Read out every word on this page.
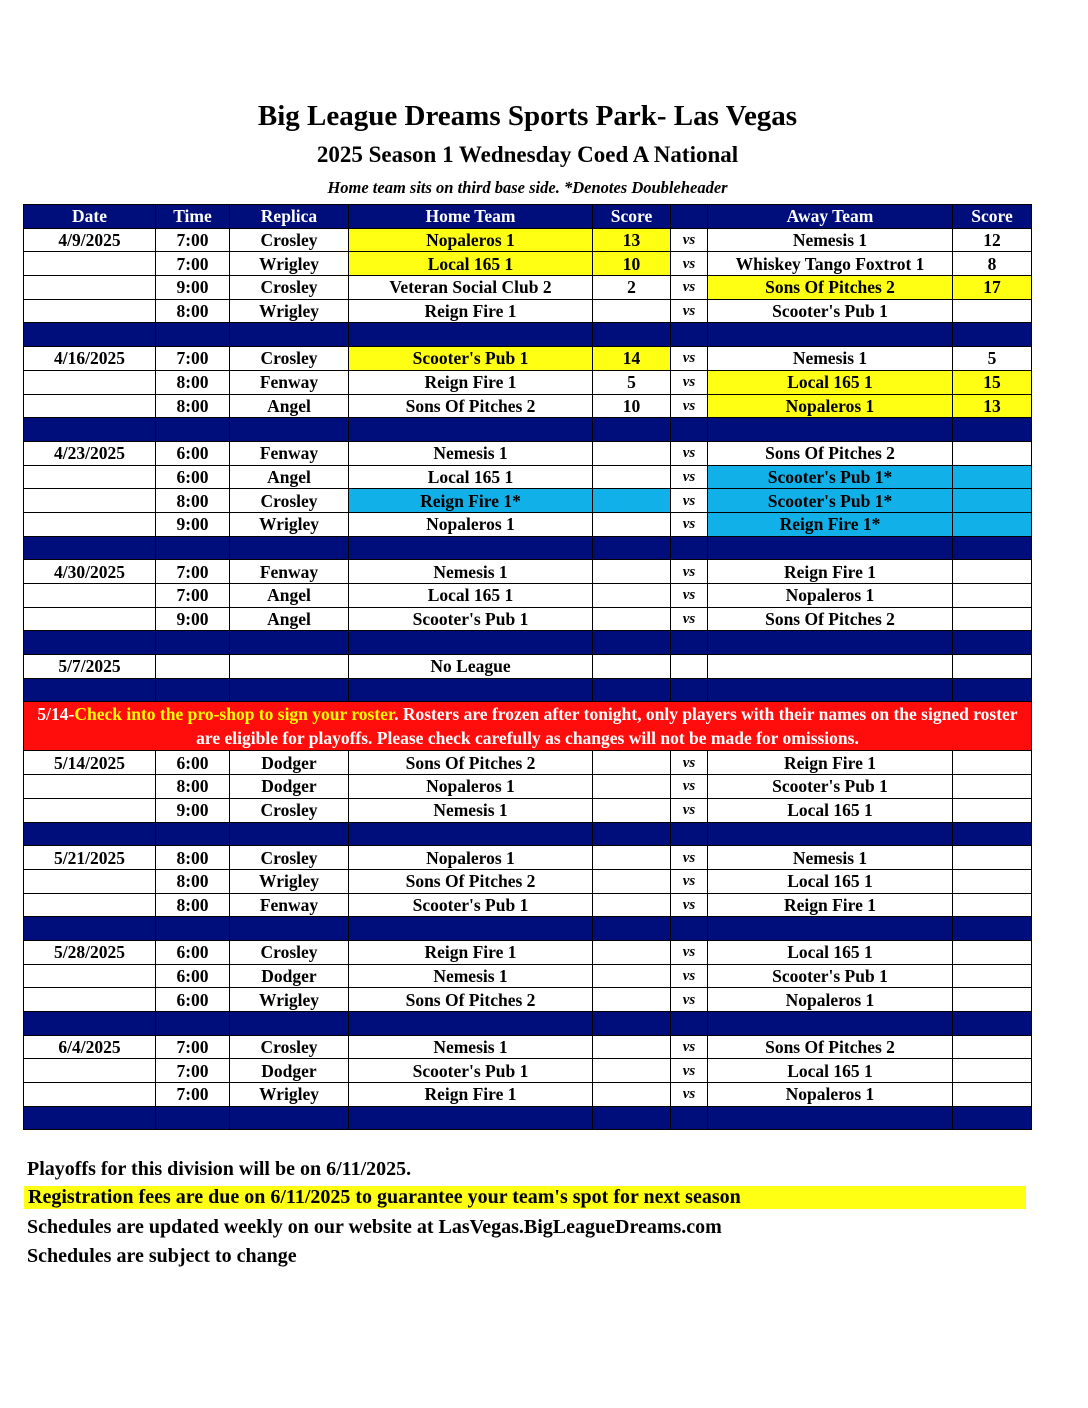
Big League Dreams Sports Park- Las Vegas
2025 Season 1 Wednesday Coed A National
Home team sits on third base side. *Denotes Doubleheader
Date	Time	Replica	Home Team	Score		Away Team	Score
4/9/2025	7:00	Crosley	Nopaleros 1	13	vs	Nemesis 1	12
	7:00	Wrigley	Local 165 1	10	vs	Whiskey Tango Foxtrot 1	8
	9:00	Crosley	Veteran Social Club 2	2	vs	Sons Of Pitches 2	17
	8:00	Wrigley	Reign Fire 1		vs	Scooter's Pub 1	

4/16/2025	7:00	Crosley	Scooter's Pub 1	14	vs	Nemesis 1	5
	8:00	Fenway	Reign Fire 1	5	vs	Local 165 1	15
	8:00	Angel	Sons Of Pitches 2	10	vs	Nopaleros 1	13

4/23/2025	6:00	Fenway	Nemesis 1		vs	Sons Of Pitches 2	
	6:00	Angel	Local 165 1		vs	Scooter's Pub 1*	
	8:00	Crosley	Reign Fire 1*		vs	Scooter's Pub 1*	
	9:00	Wrigley	Nopaleros 1		vs	Reign Fire 1*	

4/30/2025	7:00	Fenway	Nemesis 1		vs	Reign Fire 1	
	7:00	Angel	Local 165 1		vs	Nopaleros 1	
	9:00	Angel	Scooter's Pub 1		vs	Sons Of Pitches 2	

5/7/2025			No League				

5/14-Check into the pro-shop to sign your roster. Rosters are frozen after tonight, only players with their names on the signed roster are eligible for playoffs. Please check carefully as changes will not be made for omissions.							
5/14/2025	6:00	Dodger	Sons Of Pitches 2		vs	Reign Fire 1	
	8:00	Dodger	Nopaleros 1		vs	Scooter's Pub 1	
	9:00	Crosley	Nemesis 1		vs	Local 165 1	

5/21/2025	8:00	Crosley	Nopaleros 1		vs	Nemesis 1	
	8:00	Wrigley	Sons Of Pitches 2		vs	Local 165 1	
	8:00	Fenway	Scooter's Pub 1		vs	Reign Fire 1	

5/28/2025	6:00	Crosley	Reign Fire 1		vs	Local 165 1	
	6:00	Dodger	Nemesis 1		vs	Scooter's Pub 1	
	6:00	Wrigley	Sons Of Pitches 2		vs	Nopaleros 1	

6/4/2025	7:00	Crosley	Nemesis 1		vs	Sons Of Pitches 2	
	7:00	Dodger	Scooter's Pub 1		vs	Local 165 1	
	7:00	Wrigley	Reign Fire 1		vs	Nopaleros 1	

Playoffs for this division will be on 6/11/2025.
Registration fees are due on 6/11/2025 to guarantee your team's spot for next season
Schedules are updated weekly on our website at LasVegas.BigLeagueDreams.com
Schedules are subject to change
